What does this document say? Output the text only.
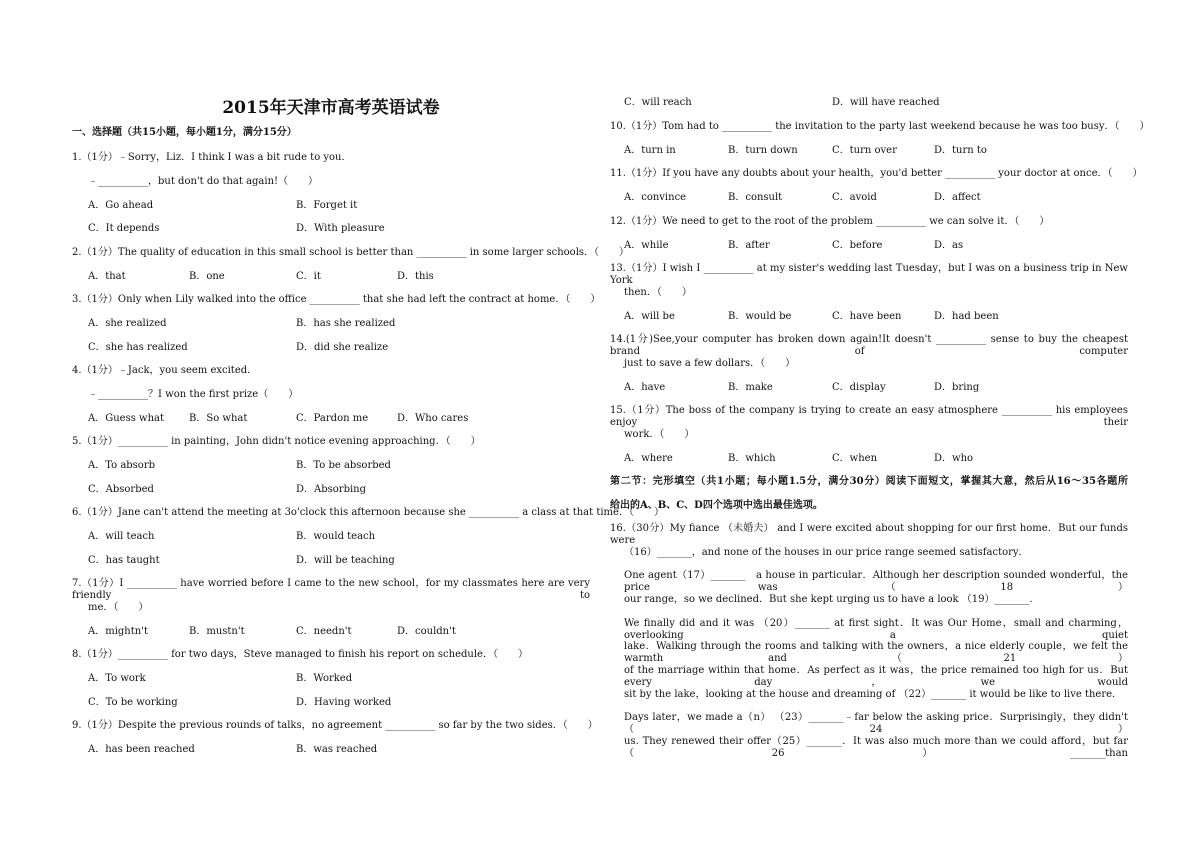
2015年天津市高考英语试卷
一、选择题（共15小题，每小题1分，满分15分）
1.（1分）﹣Sorry，Liz．I think I was a bit rude to you．
﹣__________，but don't do that again!（　　）
A．Go ahead	B．Forget it
C．It depends	D．With pleasure
2.（1分）The quality of education in this small school is better than __________ in some larger schools．（　　）
A．that	B．one	C．it	D．this
3.（1分）Only when Lily walked into the office __________ that she had left the contract at home．（　　）
A．she realized	B．has she realized
C．she has realized	D．did she realize
4.（1分）﹣Jack，you seem excited．
﹣__________？I won the first prize（　　）
A．Guess what	B．So what	C．Pardon me	D．Who cares
5.（1分）__________ in painting，John didn't notice evening approaching．（　　）
A．To absorb	B．To be absorbed
C．Absorbed	D．Absorbing
6.（1分）Jane can't attend the meeting at 3o'clock this afternoon because she __________ a class at that time．（　　）
A．will teach	B．would teach
C．has taught	D．will be teaching
7.（1分）I __________ have worried before I came to the new school，for my classmates here are very friendly to
me．（　　）
A．mightn't	B．mustn't	C．needn't	D．couldn't
8.（1分）__________ for two days，Steve managed to finish his report on schedule．（　　）
A．To work	B．Worked
C．To be working	D．Having worked
9.（1分）Despite the previous rounds of talks，no agreement __________ so far by the two sides．（　　）
A．has been reached	B．was reached
C．will reach	D．will have reached
10.（1分）Tom had to __________ the invitation to the party last weekend because he was too busy．（　　）
A．turn in	B．turn down	C．turn over	D．turn to
11.（1分）If you have any doubts about your health，you'd better __________ your doctor at once．（　　）
A．convince	B．consult	C．avoid	D．affect
12.（1分）We need to get to the root of the problem __________ we can solve it．（　　）
A．while	B．after	C．before	D．as
13.（1分）I wish I __________ at my sister's wedding last Tuesday，but I was on a business trip in New York
then．（　　）
A．will be	B．would be	C．have been	D．had been
14.(1分)See,your computer has broken down again!It doesn't __________ sense to buy the cheapest brand of computer
just to save a few dollars．（　　）
A．have	B．make	C．display	D．bring
15.（1分）The boss of the company is trying to create an easy atmosphere __________ his employees enjoy their
work．（　　）
A．where	B．which	C．when	D．who
第二节：完形填空（共1小题；每小题1.5分，满分30分）阅读下面短文，掌握其大意，然后从16～35各题所
给出的A、B、C、D四个选项中选出最佳选项。
16.（30分）My fiance （未婚夫） and I were excited about shopping for our first home．But our funds were
（16）_______，and none of the houses in our price range seemed satisfactory．
One agent（17）_______　a house in particular．Although her description sounded wonderful，the price was （18）
our range，so we declined．But she kept urging us to have a look （19）_______．
We finally did and it was （20）_______ at first sight．It was Our Home，small and charming，overlooking a quiet
lake．Walking through the rooms and talking with the owners，a nice elderly couple，we felt the warmth and （21）
of the marriage within that home．As perfect as it was，the price remained too high for us．But every day，we would
sit by the lake，looking at the house and dreaming of （22）_______ it would be like to live there．
Days later，we made a（n） （23）_______﹣far below the asking price．Surprisingly，they didn't （24）
us. They renewed their offer（25）_______．It was also much more than we could afford，but far（26）_______than
